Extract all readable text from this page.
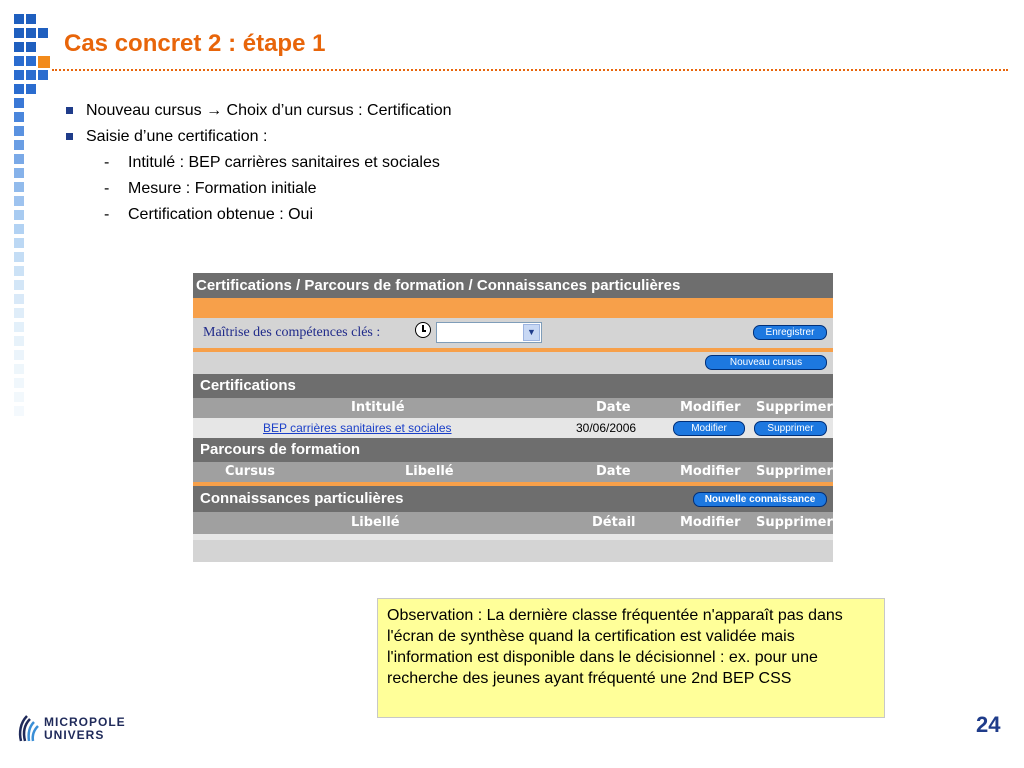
Cas concret 2 : étape 1
Nouveau cursus → Choix d’un cursus : Certification
Saisie d’une certification :
- Intitulé : BEP carrières sanitaires et sociales
- Mesure : Formation initiale
- Certification obtenue : Oui
Certifications / Parcours de formation / Connaissances particulières
Maîtrise des compétences clés :	▼	Enregistrer
Nouveau cursus
Certifications
Intitulé	Date	Modifier Supprimer
BEP carrières sanitaires et sociales	30/06/2006	Modifier	Supprimer
Parcours de formation
Cursus	Libellé	Date	Modifier Supprimer
Connaissances particulières	Nouvelle connaissance
Libellé	Détail	Modifier Supprimer
Observation : La dernière classe fréquentée n'apparaît pas dans l'écran de synthèse quand la certification est validée mais l'information est disponible dans le décisionnel : ex. pour une recherche des jeunes ayant fréquenté une 2nd BEP CSS
MICROPOLE
UNIVERS	24
